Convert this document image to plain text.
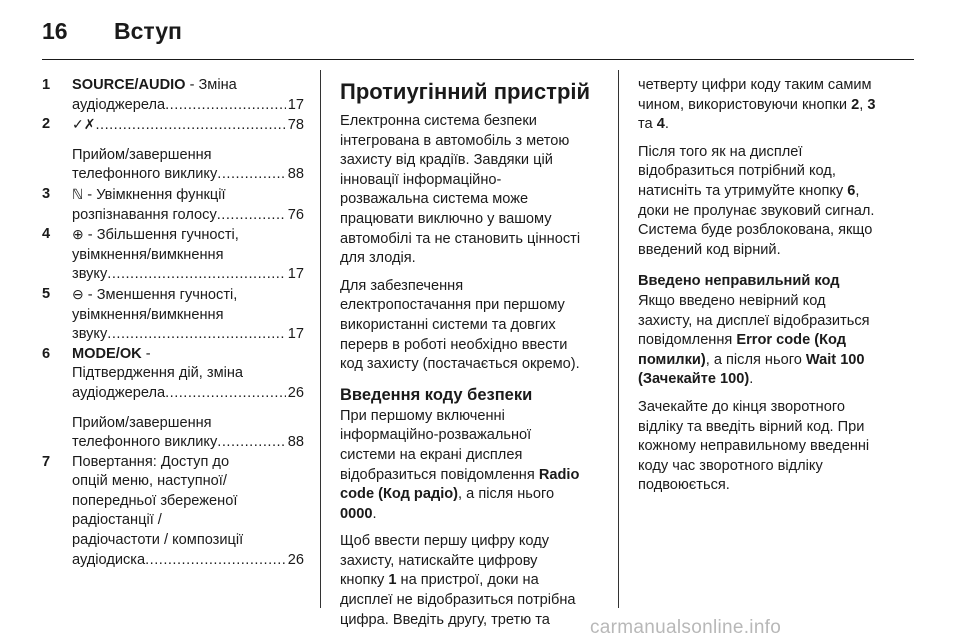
16 Вступ
1 SOURCE/AUDIO - Зміна
аудіоджерела .....	17
2 ✓✗ .....	78
Прийом/завершення
телефонного виклику .....	88
3 ℕ - Увімкнення функції
розпізнавання голосу .....	76
4 ⊕ - Збільшення гучності,
увімкнення/вимкнення
звуку .....	17
5 ⊖ - Зменшення гучності,
увімкнення/вимкнення
звуку .....	17
6 MODE/OK -
Підтвердження дій, зміна
аудіоджерела .....	26
Прийом/завершення
телефонного виклику .....	88
7 Повертання: Доступ до
опцій меню, наступної/
попередньої збереженої
радіостанції /
радіочастоти / композиції
аудіодиска .....	26
Протиугінний пристрій

Електронна система безпеки
інтегрована в автомобіль з метою
захисту від крадіїв. Завдяки цій
інновації інформаційно-
розважальна система може
працювати виключно у вашому
автомобілі та не становить цінності
для злодія.

Для забезпечення
електропостачання при першому
використанні системи та довгих
перерв в роботі необхідно ввести
код захисту (постачається окремо).

Введення коду безпеки

При першому включенні
інформаційно-розважальної
системи на екрані дисплея
відобразиться повідомлення Radio
code (Код радіо), а після нього
0000.

Щоб ввести першу цифру коду
захисту, натискайте цифрову
кнопку 1 на пристрої, доки на
дисплеї не відобразиться потрібна
цифра. Введіть другу, третю та

четверту цифри коду таким самим
чином, використовуючи кнопки 2, 3
та 4.

Після того як на дисплеї
відобразиться потрібний код,
натисніть та утримуйте кнопку 6,
доки не пролунає звуковий сигнал.
Система буде розблокована, якщо
введений код вірний.

Введено неправильний код

Якщо введено невірний код
захисту, на дисплеї відобразиться
повідомлення Error code (Код
помилки), а після нього Wait 100
(Зачекайте 100).

Зачекайте до кінця зворотного
відліку та введіть вірний код. При
кожному неправильному введенні
коду час зворотного відліку
подвоюється.

carmanualsonline.info
